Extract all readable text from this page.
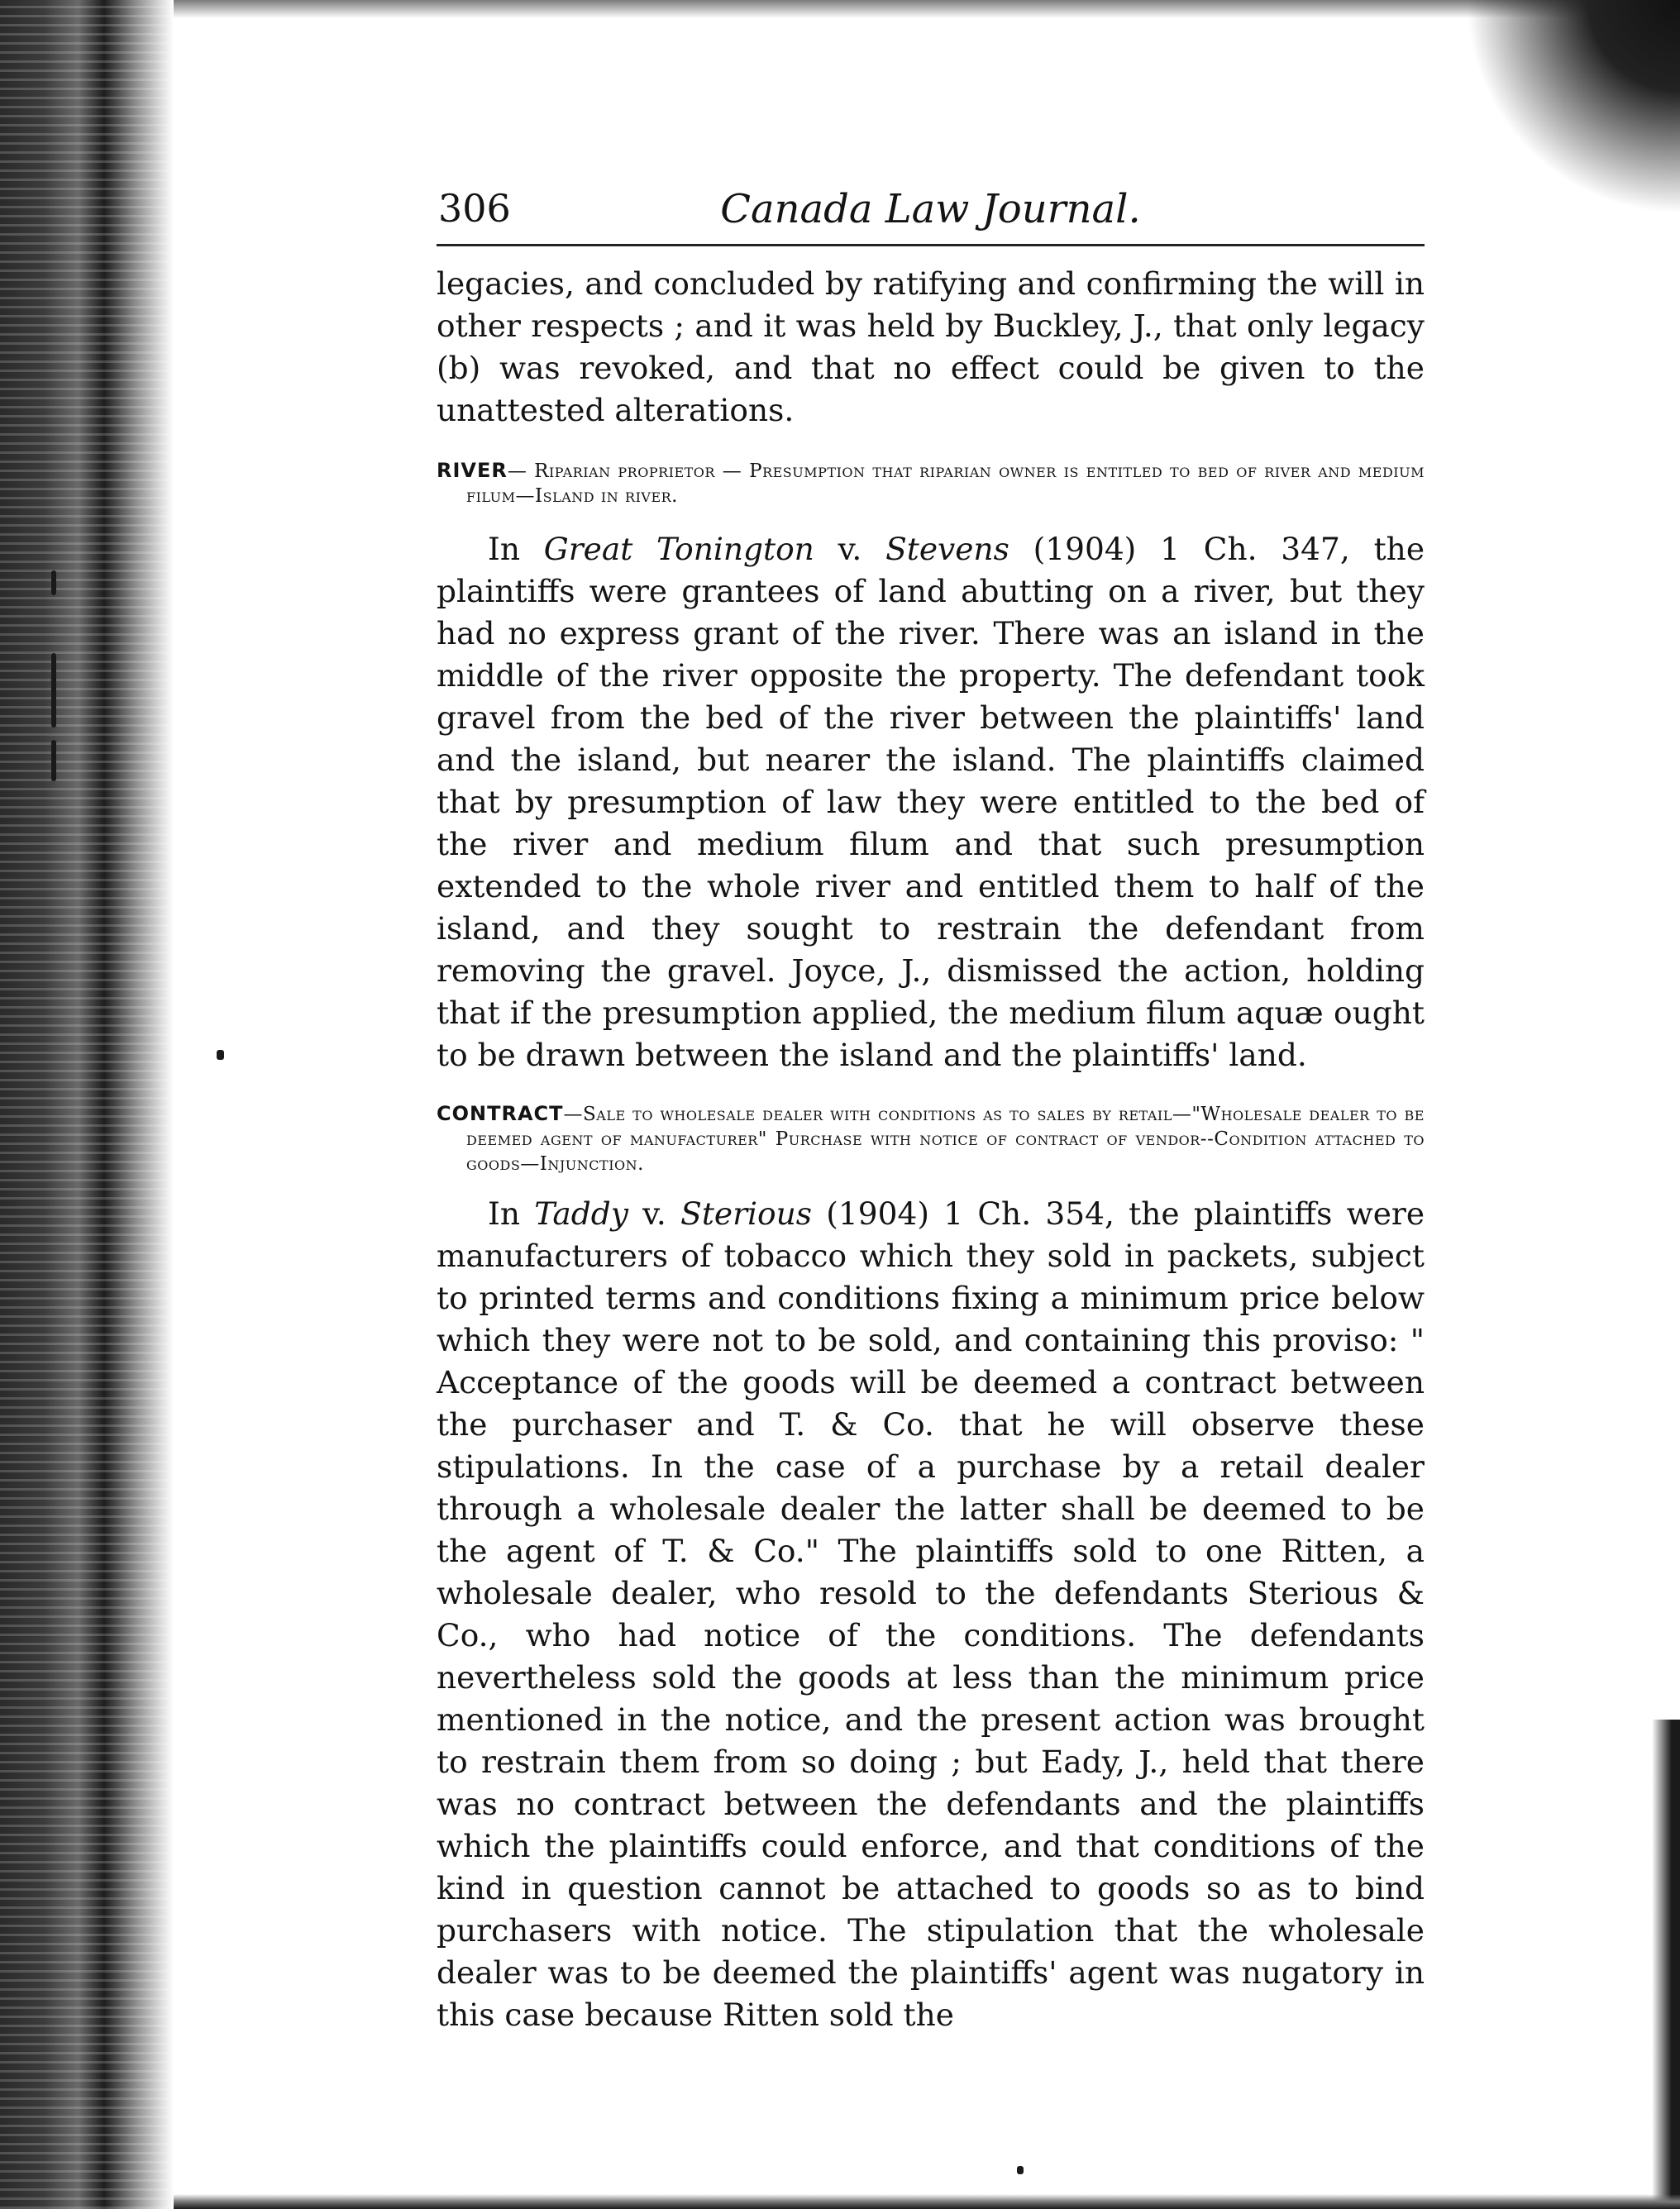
306	Canada Law Journal.

legacies, and concluded by ratifying and confirming the will in other respects ; and it was held by Buckley, J., that only legacy (b) was revoked, and that no effect could be given to the unattested alterations.

RIVER— Riparian proprietor — Presumption that riparian owner is entitled to bed of river and medium filum—Island in river.

In Great Tonington v. Stevens (1904) 1 Ch. 347, the plaintiffs were grantees of land abutting on a river, but they had no express grant of the river. There was an island in the middle of the river opposite the property. The defendant took gravel from the bed of the river between the plaintiffs' land and the island, but nearer the island. The plaintiffs claimed that by presumption of law they were entitled to the bed of the river and medium filum and that such presumption extended to the whole river and entitled them to half of the island, and they sought to restrain the defendant from removing the gravel. Joyce, J., dismissed the action, holding that if the presumption applied, the medium filum aquæ ought to be drawn between the island and the plaintiffs' land.

CONTRACT—Sale to wholesale dealer with conditions as to sales by retail—"Wholesale dealer to be deemed agent of manufacturer" Purchase with notice of contract of vendor--Condition attached to goods—Injunction.

In Taddy v. Sterious (1904) 1 Ch. 354, the plaintiffs were manufacturers of tobacco which they sold in packets, subject to printed terms and conditions fixing a minimum price below which they were not to be sold, and containing this proviso: " Acceptance of the goods will be deemed a contract between the purchaser and T. & Co. that he will observe these stipulations. In the case of a purchase by a retail dealer through a wholesale dealer the latter shall be deemed to be the agent of T. & Co." The plaintiffs sold to one Ritten, a wholesale dealer, who resold to the defendants Sterious & Co., who had notice of the conditions. The defendants nevertheless sold the goods at less than the minimum price mentioned in the notice, and the present action was brought to restrain them from so doing ; but Eady, J., held that there was no contract between the defendants and the plaintiffs which the plaintiffs could enforce, and that conditions of the kind in question cannot be attached to goods so as to bind purchasers with notice. The stipulation that the wholesale dealer was to be deemed the plaintiffs' agent was nugatory in this case because Ritten sold the
